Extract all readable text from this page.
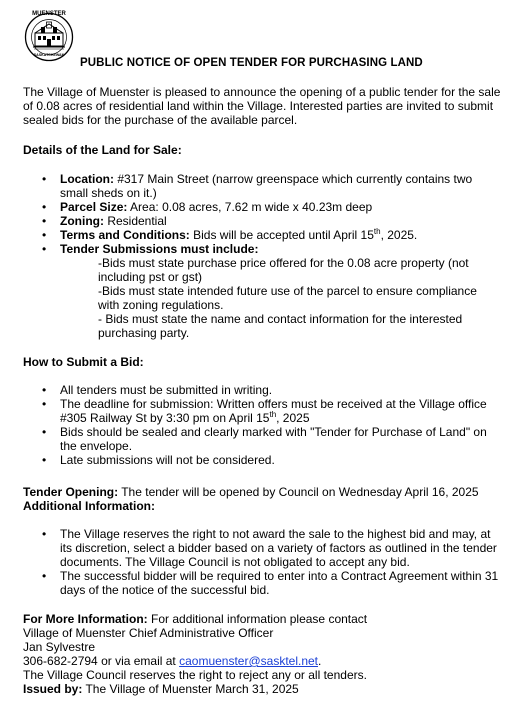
MUENSTER
SASKATCHEWAN
PUBLIC NOTICE OF OPEN TENDER FOR PURCHASING LAND
The Village of Muenster is pleased to announce the opening of a public tender for the sale of 0.08 acres of residential land within the Village. Interested parties are invited to submit sealed bids for the purchase of the available parcel.
Details of the Land for Sale:
• Location: #317 Main Street (narrow greenspace which currently contains two small sheds on it.)
• Parcel Size: Area: 0.08 acres, 7.62 m wide x 40.23m deep
• Zoning: Residential
• Terms and Conditions: Bids will be accepted until April 15th, 2025.
• Tender Submissions must include:
-Bids must state purchase price offered for the 0.08 acre property (not including pst or gst)
-Bids must state intended future use of the parcel to ensure compliance with zoning regulations.
- Bids must state the name and contact information for the interested purchasing party.
How to Submit a Bid:
• All tenders must be submitted in writing.
• The deadline for submission: Written offers must be received at the Village office #305 Railway St by 3:30 pm on April 15th, 2025
• Bids should be sealed and clearly marked with "Tender for Purchase of Land" on the envelope.
• Late submissions will not be considered.
Tender Opening: The tender will be opened by Council on Wednesday April 16, 2025
Additional Information:
• The Village reserves the right to not award the sale to the highest bid and may, at its discretion, select a bidder based on a variety of factors as outlined in the tender documents. The Village Council is not obligated to accept any bid.
• The successful bidder will be required to enter into a Contract Agreement within 31 days of the notice of the successful bid.
For More Information: For additional information please contact
Village of Muenster Chief Administrative Officer
Jan Sylvestre
306-682-2794 or via email at caomuenster@sasktel.net.
The Village Council reserves the right to reject any or all tenders.
Issued by: The Village of Muenster March 31, 2025
